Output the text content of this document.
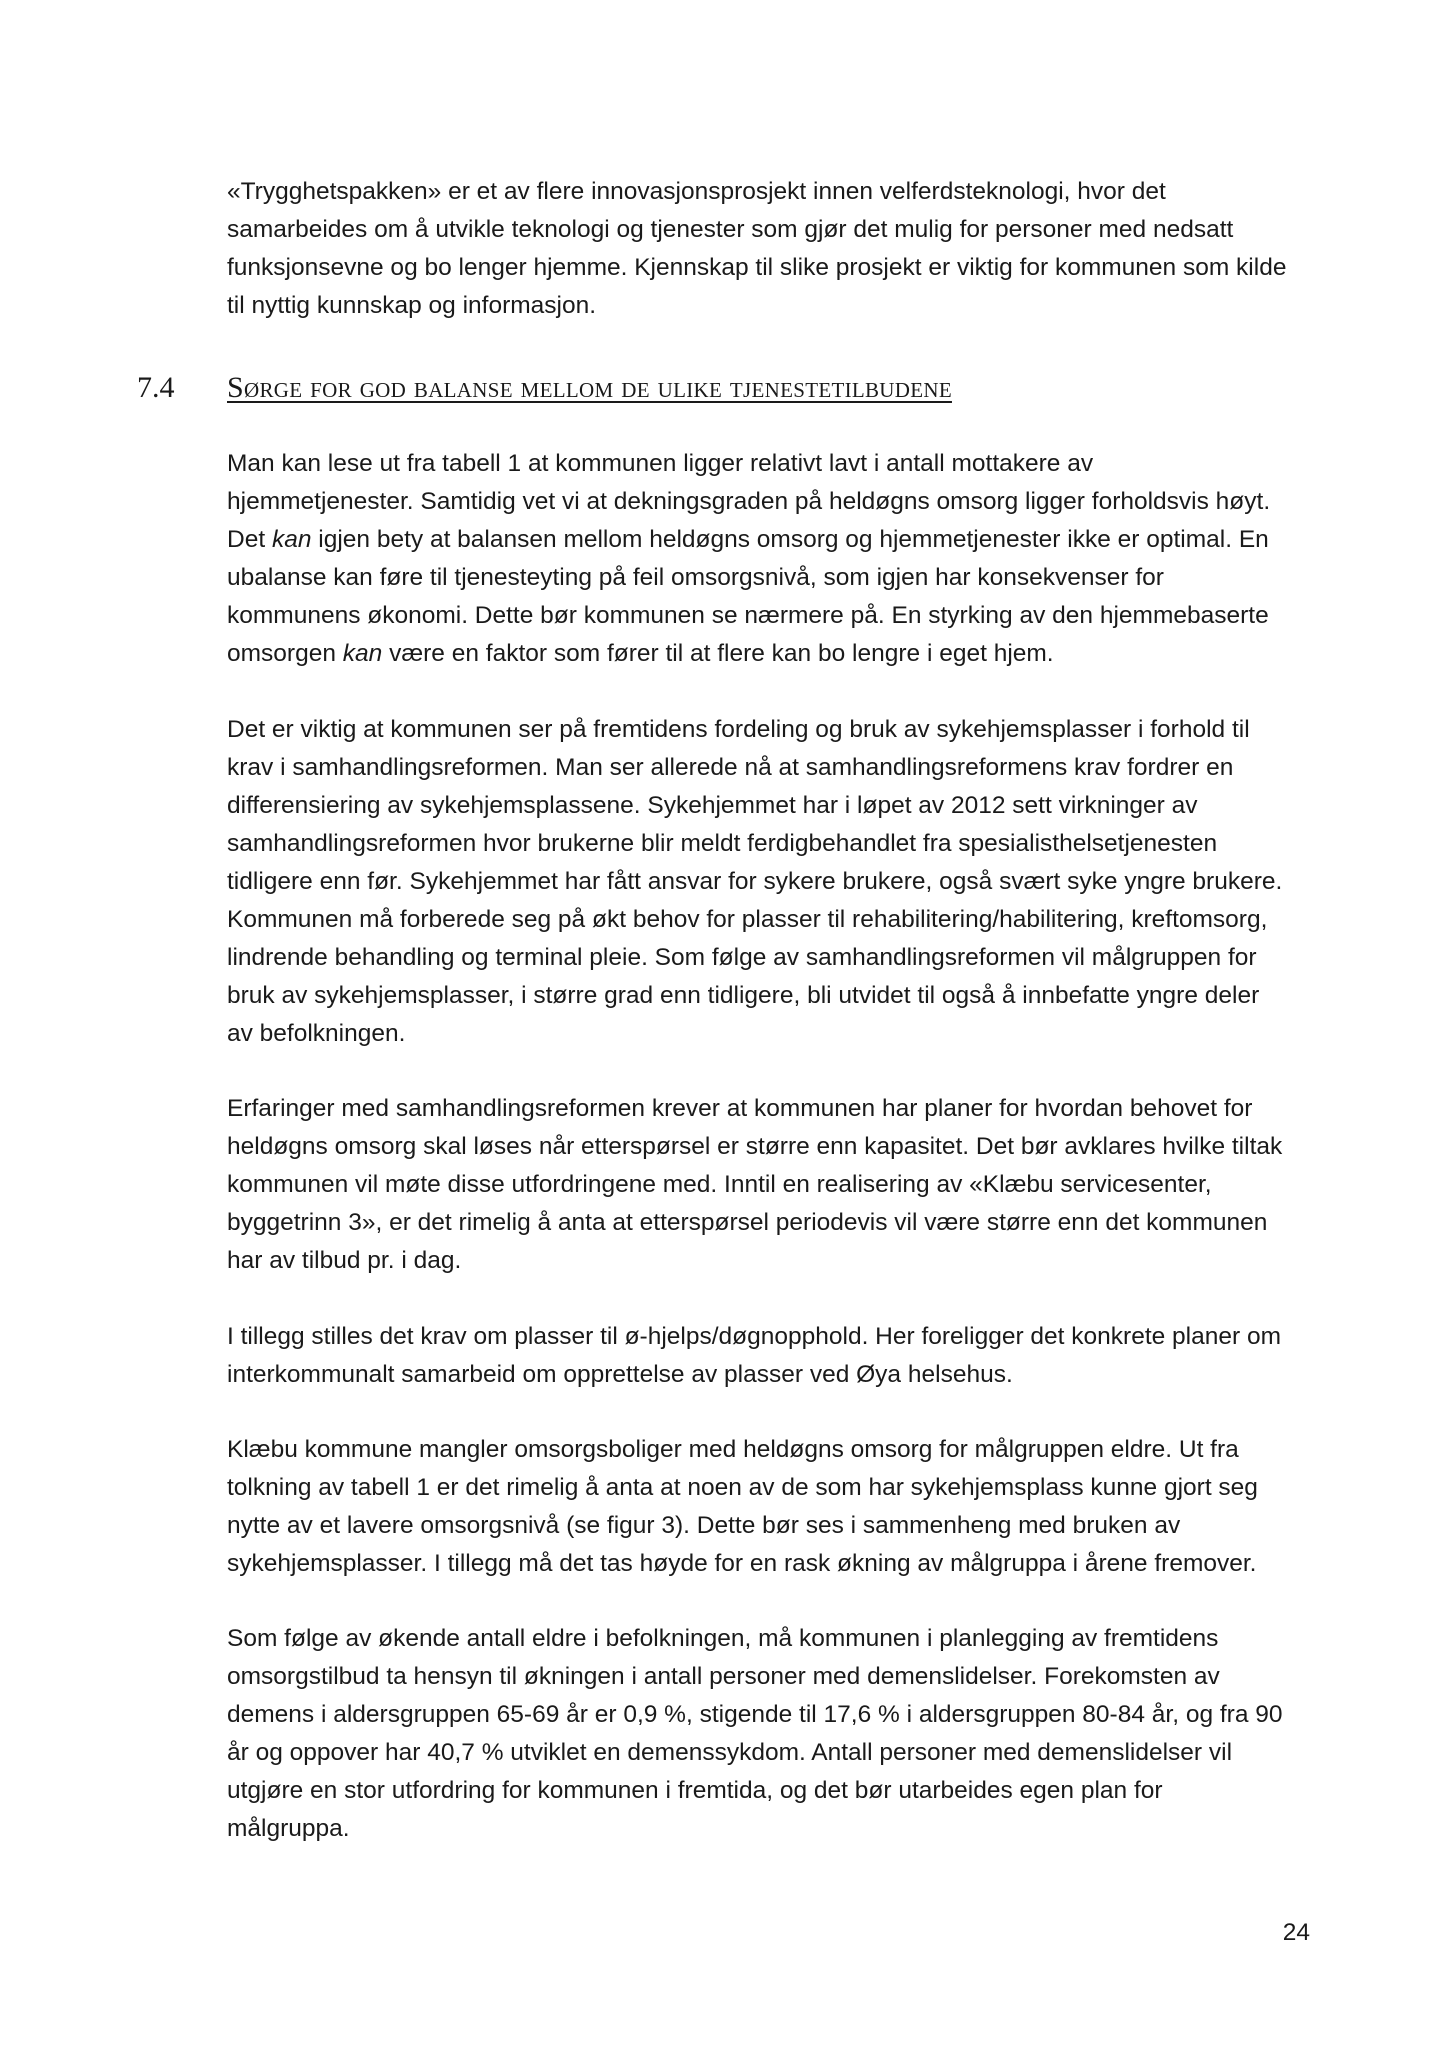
«Trygghetspakken» er et av flere innovasjonsprosjekt innen velferdsteknologi, hvor det
samarbeides om å utvikle teknologi og tjenester som gjør det mulig for personer med nedsatt
funksjonsevne og bo lenger hjemme. Kjennskap til slike prosjekt er viktig for kommunen som kilde
til nyttig kunnskap og informasjon.
7.4 Sørge for god balanse mellom de ulike tjenestetilbudene
Man kan lese ut fra tabell 1 at kommunen ligger relativt lavt i antall mottakere av
hjemmetjenester. Samtidig vet vi at dekningsgraden på heldøgns omsorg ligger forholdsvis høyt.
Det kan igjen bety at balansen mellom heldøgns omsorg og hjemmetjenester ikke er optimal. En
ubalanse kan føre til tjenesteyting på feil omsorgsnivå, som igjen har konsekvenser for
kommunens økonomi. Dette bør kommunen se nærmere på. En styrking av den hjemmebaserte
omsorgen kan være en faktor som fører til at flere kan bo lengre i eget hjem.
Det er viktig at kommunen ser på fremtidens fordeling og bruk av sykehjemsplasser i forhold til
krav i samhandlingsreformen. Man ser allerede nå at samhandlingsreformens krav fordrer en
differensiering av sykehjemsplassene. Sykehjemmet har i løpet av 2012 sett virkninger av
samhandlingsreformen hvor brukerne blir meldt ferdigbehandlet fra spesialisthelsetjenesten
tidligere enn før. Sykehjemmet har fått ansvar for sykere brukere, også svært syke yngre brukere.
Kommunen må forberede seg på økt behov for plasser til rehabilitering/habilitering, kreftomsorg,
lindrende behandling og terminal pleie. Som følge av samhandlingsreformen vil målgruppen for
bruk av sykehjemsplasser, i større grad enn tidligere, bli utvidet til også å innbefatte yngre deler
av befolkningen.
Erfaringer med samhandlingsreformen krever at kommunen har planer for hvordan behovet for
heldøgns omsorg skal løses når etterspørsel er større enn kapasitet. Det bør avklares hvilke tiltak
kommunen vil møte disse utfordringene med. Inntil en realisering av «Klæbu servicesenter,
byggetrinn 3», er det rimelig å anta at etterspørsel periodevis vil være større enn det kommunen
har av tilbud pr. i dag.
I tillegg stilles det krav om plasser til ø-hjelps/døgnopphold. Her foreligger det konkrete planer om
interkommunalt samarbeid om opprettelse av plasser ved Øya helsehus.
Klæbu kommune mangler omsorgsboliger med heldøgns omsorg for målgruppen eldre. Ut fra
tolkning av tabell 1 er det rimelig å anta at noen av de som har sykehjemsplass kunne gjort seg
nytte av et lavere omsorgsnivå (se figur 3). Dette bør ses i sammenheng med bruken av
sykehjemsplasser. I tillegg må det tas høyde for en rask økning av målgruppa i årene fremover.
Som følge av økende antall eldre i befolkningen, må kommunen i planlegging av fremtidens
omsorgstilbud ta hensyn til økningen i antall personer med demenslidelser. Forekomsten av
demens i aldersgruppen 65-69 år er 0,9 %, stigende til 17,6 % i aldersgruppen 80-84 år, og fra 90
år og oppover har 40,7 % utviklet en demenssykdom. Antall personer med demenslidelser vil
utgjøre en stor utfordring for kommunen i fremtida, og det bør utarbeides egen plan for
målgruppa.
24
